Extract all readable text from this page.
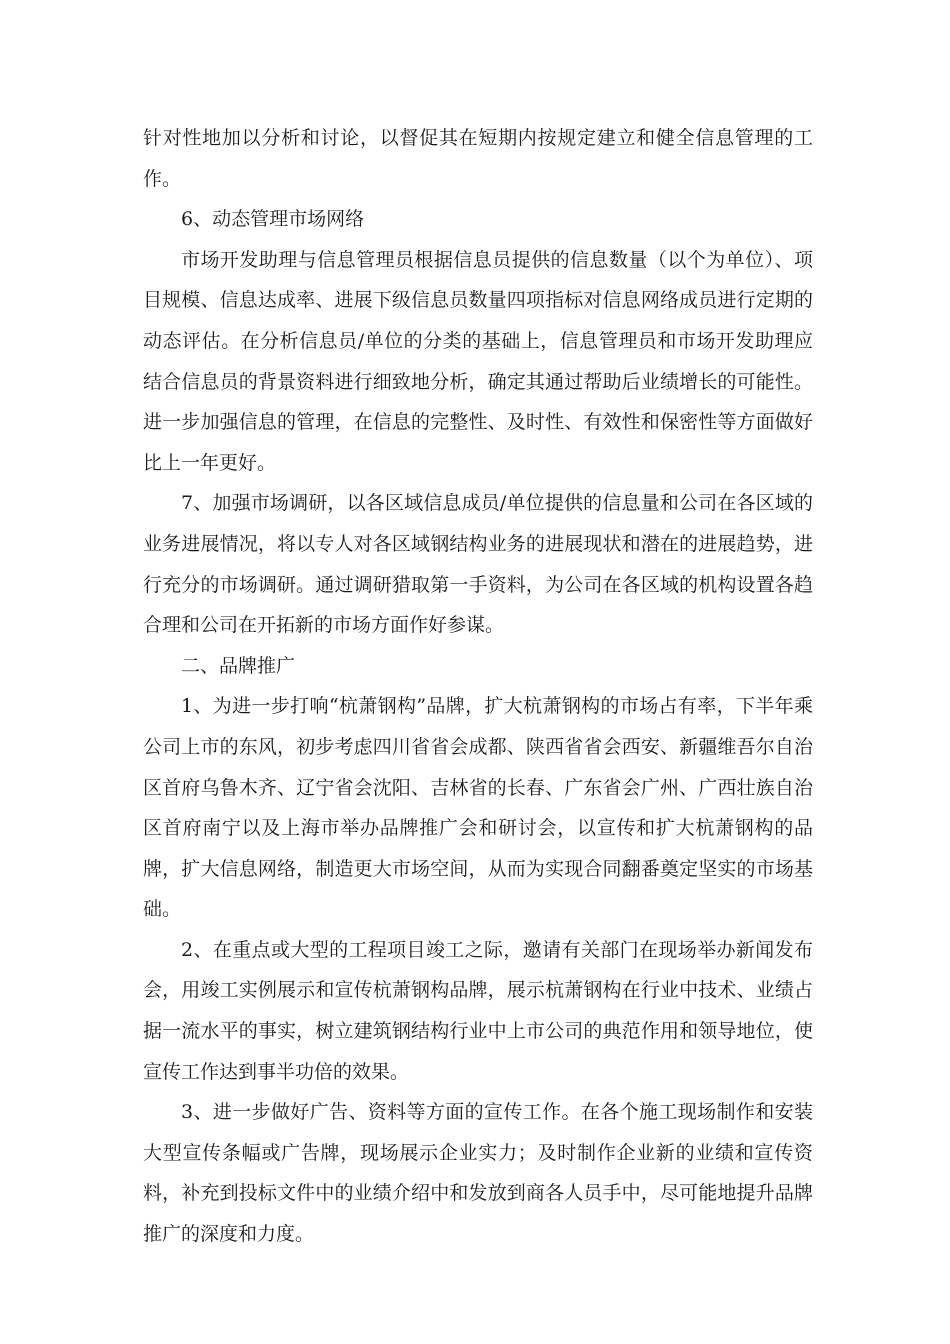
针对性地加以分析和讨论，以督促其在短期内按规定建立和健全信息管理的工作。

6、动态管理市场网络

市场开发助理与信息管理员根据信息员提供的信息数量（以个为单位）、项目规模、信息达成率、进展下级信息员数量四项指标对信息网络成员进行定期的动态评估。在分析信息员/单位的分类的基础上，信息管理员和市场开发助理应结合信息员的背景资料进行细致地分析，确定其通过帮助后业绩增长的可能性。进一步加强信息的管理，在信息的完整性、及时性、有效性和保密性等方面做好比上一年更好。

7、加强市场调研，以各区域信息成员/单位提供的信息量和公司在各区域的业务进展情况，将以专人对各区域钢结构业务的进展现状和潜在的进展趋势，进行充分的市场调研。通过调研猎取第一手资料，为公司在各区域的机构设置各趋合理和公司在开拓新的市场方面作好参谋。

二、品牌推广

1、为进一步打响“杭萧钢构”品牌，扩大杭萧钢构的市场占有率，下半年乘公司上市的东风，初步考虑四川省省会成都、陕西省省会西安、新疆维吾尔自治区首府乌鲁木齐、辽宁省会沈阳、吉林省的长春、广东省会广州、广西壮族自治区首府南宁以及上海市举办品牌推广会和研讨会，以宣传和扩大杭萧钢构的品牌，扩大信息网络，制造更大市场空间，从而为实现合同翻番奠定坚实的市场基础。

2、在重点或大型的工程项目竣工之际，邀请有关部门在现场举办新闻发布会，用竣工实例展示和宣传杭萧钢构品牌，展示杭萧钢构在行业中技术、业绩占据一流水平的事实，树立建筑钢结构行业中上市公司的典范作用和领导地位，使宣传工作达到事半功倍的效果。

3、进一步做好广告、资料等方面的宣传工作。在各个施工现场制作和安装大型宣传条幅或广告牌，现场展示企业实力；及时制作企业新的业绩和宣传资料，补充到投标文件中的业绩介绍中和发放到商各人员手中，尽可能地提升品牌推广的深度和力度。
